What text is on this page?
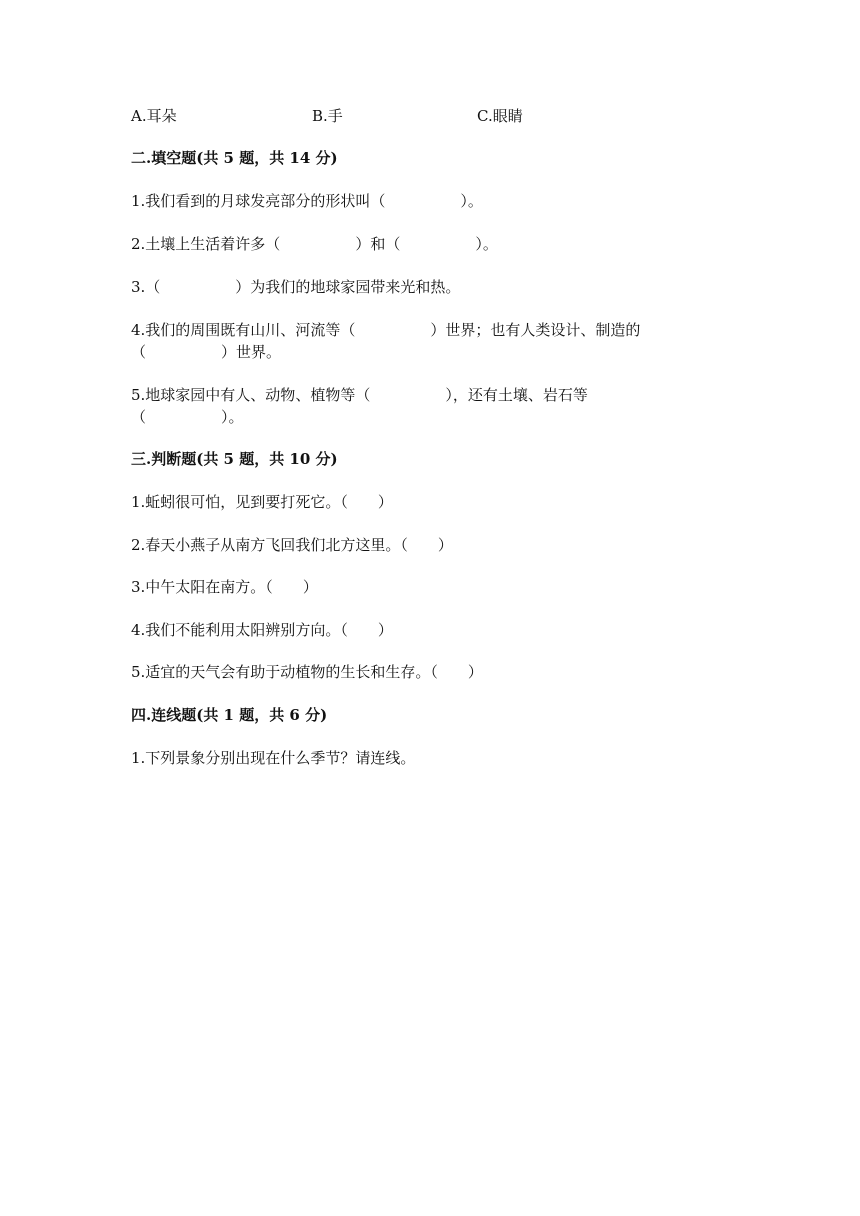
A.耳朵	B.手	C.眼睛
二.填空题(共 5 题，共 14 分)
1.我们看到的月球发亮部分的形状叫（　　　　　）。
2.土壤上生活着许多（　　　　　）和（　　　　　）。
3.（　　　　　）为我们的地球家园带来光和热。
4.我们的周围既有山川、河流等（　　　　　）世界；也有人类设计、制造的
（　　　　　）世界。
5.地球家园中有人、动物、植物等（　　　　　），还有土壤、岩石等
（　　　　　）。
三.判断题(共 5 题，共 10 分)
1.蚯蚓很可怕，见到要打死它。（　　）
2.春天小燕子从南方飞回我们北方这里。（　　）
3.中午太阳在南方。（　　）
4.我们不能利用太阳辨别方向。（　　）
5.适宜的天气会有助于动植物的生长和生存。（　　）
四.连线题(共 1 题，共 6 分)
1.下列景象分别出现在什么季节？请连线。
